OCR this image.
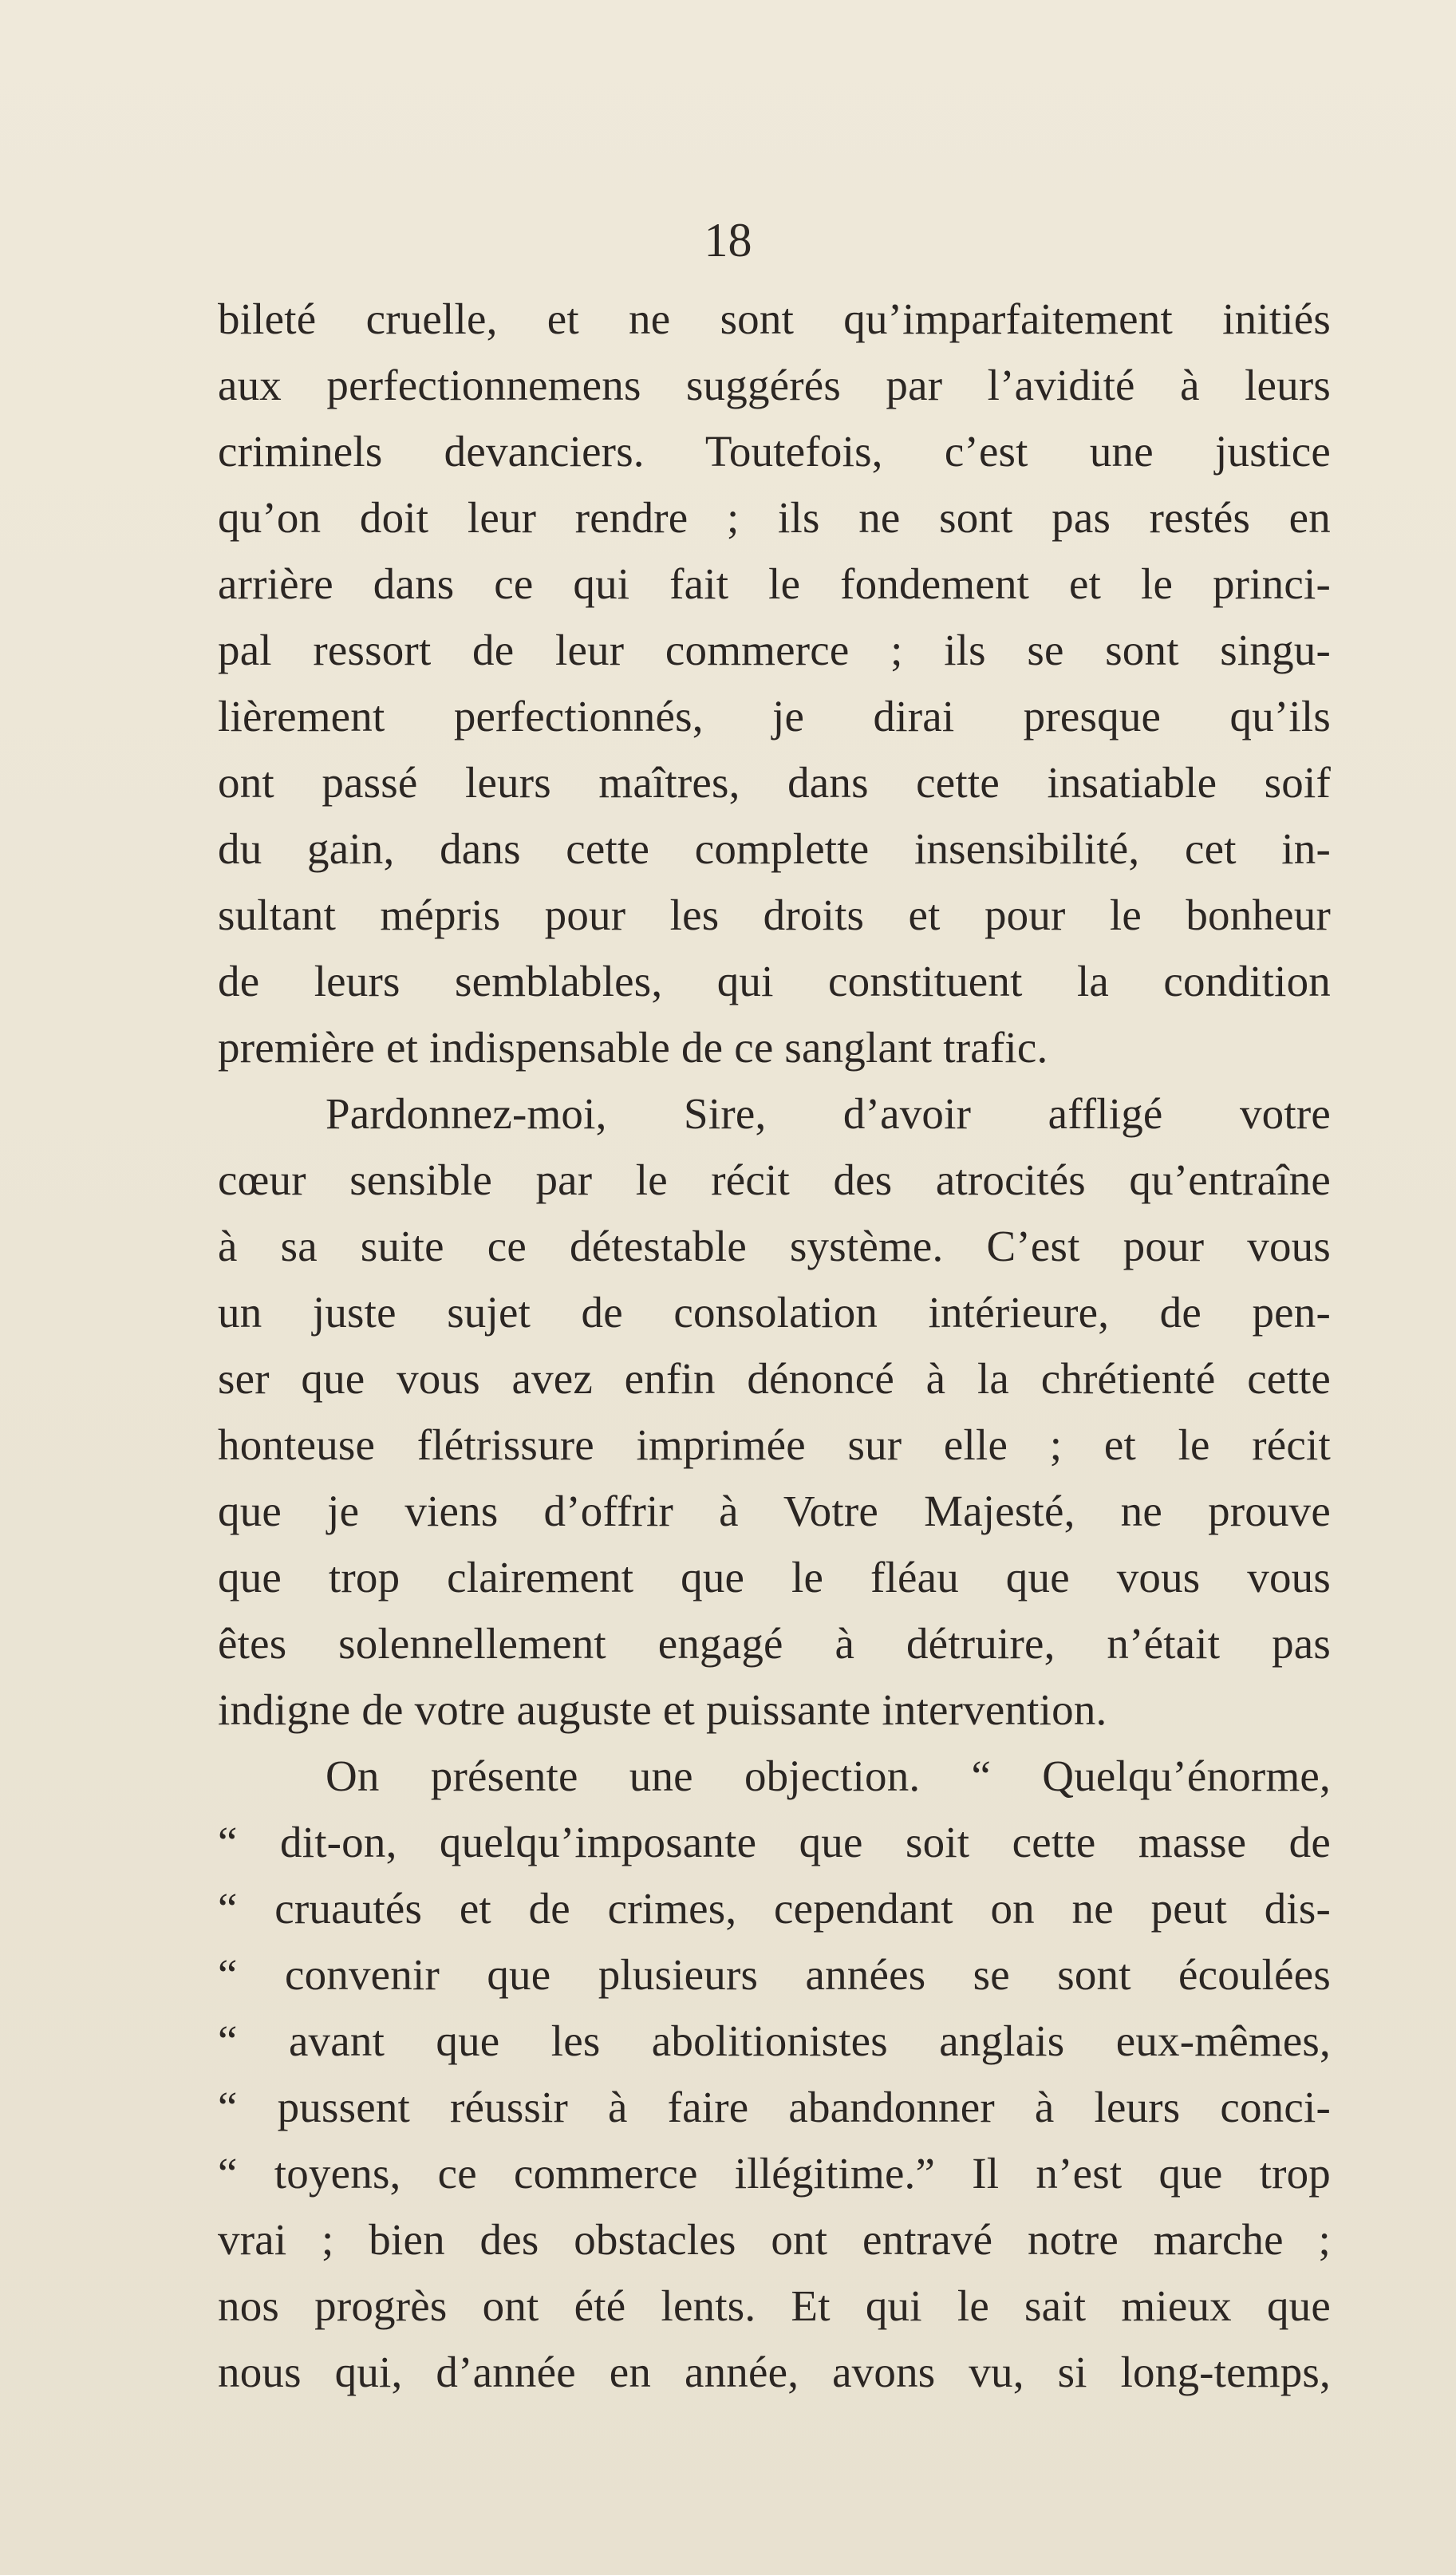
18
bileté cruelle, et ne sont qu’imparfaitement initiés
aux perfectionnemens suggérés par l’avidité à leurs
criminels devanciers. Toutefois, c’est une justice
qu’on doit leur rendre ; ils ne sont pas restés en
arrière dans ce qui fait le fondement et le princi-
pal ressort de leur commerce ; ils se sont singu-
lièrement perfectionnés, je dirai presque qu’ils
ont passé leurs maîtres, dans cette insatiable soif
du gain, dans cette complette insensibilité, cet in-
sultant mépris pour les droits et pour le bonheur
de leurs semblables, qui constituent la condition
première et indispensable de ce sanglant trafic.
Pardonnez-moi, Sire, d’avoir affligé votre
cœur sensible par le récit des atrocités qu’entraîne
à sa suite ce détestable système. C’est pour vous
un juste sujet de consolation intérieure, de pen-
ser que vous avez enfin dénoncé à la chrétienté cette
honteuse flétrissure imprimée sur elle ; et le récit
que je viens d’offrir à Votre Majesté, ne prouve
que trop clairement que le fléau que vous vous
êtes solennellement engagé à détruire, n’était pas
indigne de votre auguste et puissante intervention.
On présente une objection. “ Quelqu’énorme,
“ dit-on, quelqu’imposante que soit cette masse de
“ cruautés et de crimes, cependant on ne peut dis-
“ convenir que plusieurs années se sont écoulées
“ avant que les abolitionistes anglais eux-mêmes,
“ pussent réussir à faire abandonner à leurs conci-
“ toyens, ce commerce illégitime.” Il n’est que trop
vrai ; bien des obstacles ont entravé notre marche ;
nos progrès ont été lents. Et qui le sait mieux que
nous qui, d’année en année, avons vu, si long-temps,
